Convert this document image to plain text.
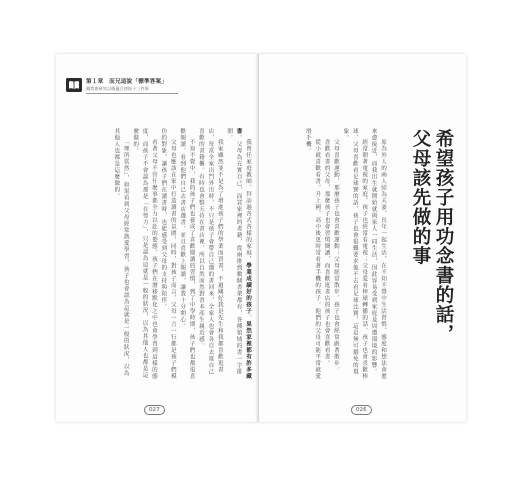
第１章　而兄這說「標準答案」
親我會研究以後適合初始十三件事

我曾任家庭教師，拜訪過各式各樣的家庭，學業成績好的孩子，果然家裡都有許多藏書。父母為充實自己，而買家裡的書籍，從兩排到數個書架都有，各種領域的書一字排開。

我家雖然並不是為了增進孩子們的學業而買書，不過剛好我是先生和我都喜歡逛書店，每當全家出門外出時，不只是孩子會帶自己選的書回來，全家人也會各自去逛自己喜歡的書籍櫃。有時也會整天待在書店裡，所以自然而然對書本產生親近感。

不知不覺中，我的孩子們也養成了喜歡閱讀的習慣，到了中學時期，孩子們也都很喜歡閱讀，看到他們自己去書店選書，並且喜歡上閱讀，讓我十分開心。

父母也應該在家中打造讀書的氛圍，同時，對孩子而言，父母一言一行都是孩子們模仿的對象，讓孩子們在讀書時，也能感受到父母的支持與陪伴。

看著父母不管什麼事都全力以赴的姿態，孩子們在潛移默化之中也會學習到這樣的態度，而孩子不會認為那是「在努力」，只是認為這就是一般的狀況，以為其他人也都是這麼做的。

「理所當然」，如果看到父母經常熱愛學習，孩子也會認為這就是一般的狀況，以為其他人也都是這麼做的。

027
希望孩子用功念書的話，
父母該先做的事

原為外人的兩人結為夫妻，長年一起生活，在不知不覺中生活習慣、態度和想法會愈來愈接近，而我出生就開始就與家人一同生活，因此容易受到家庭及周遭環境的影響。

經常開著電視的家庭，孩子也經常看電視；父母愛看棒球轉播的話，孩子也會喜歡棒球，父母喜歡看足球賽的話，孩子也會很難要求他不去看足球比賽，這是無可避免的現象。

父母喜歡運動，那麼孩子也會喜歡運動；父母經常散步，孩子也會經常跟著散步。

喜歡看書的父母，那麼孩子也會習慣閱讀，而喜歡逛書店的孩子也會喜歡看書。

從小就喜歡看書，升上國、高中後更時常看著手機的孩子，他們的父母可能平常就愛滑手機。

026
